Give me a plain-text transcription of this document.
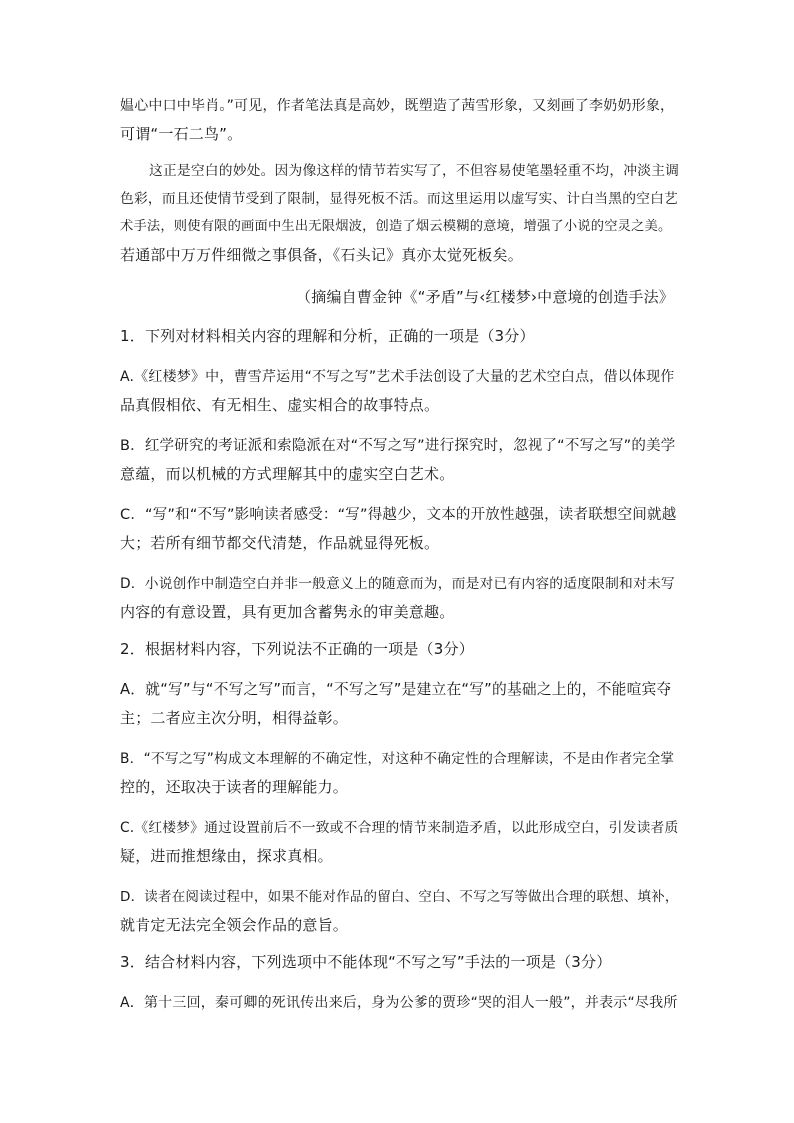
媪心中口中毕肖。”可见，作者笔法真是高妙，既塑造了茜雪形象，又刻画了李奶奶形象，
可谓“一石二鸟”。
这正是空白的妙处。因为像这样的情节若实写了，不但容易使笔墨轻重不均，冲淡主调
色彩，而且还使情节受到了限制，显得死板不活。而这里运用以虚写实、计白当黑的空白艺
术手法，则使有限的画面中生出无限烟波，创造了烟云模糊的意境，增强了小说的空灵之美。
若通部中万万件细微之事俱备，《石头记》真亦太觉死板矣。
（摘编自曹金钟《“矛盾”与‹红楼梦›中意境的创造手法》
1．下列对材料相关内容的理解和分析，正确的一项是（3分）
A.《红楼梦》中，曹雪芹运用“不写之写”艺术手法创设了大量的艺术空白点，借以体现作
品真假相依、有无相生、虚实相合的故事特点。
B．红学研究的考证派和索隐派在对“不写之写”进行探究时，忽视了“不写之写”的美学
意蕴，而以机械的方式理解其中的虚实空白艺术。
C．“写”和“不写”影响读者感受：“写”得越少，文本的开放性越强，读者联想空间就越
大；若所有细节都交代清楚，作品就显得死板。
D．小说创作中制造空白并非一般意义上的随意而为，而是对已有内容的适度限制和对未写
内容的有意设置，具有更加含蓄隽永的审美意趣。
2．根据材料内容，下列说法不正确的一项是（3分）
A．就“写”与“不写之写”而言，“不写之写”是建立在“写”的基础之上的，不能喧宾夺
主；二者应主次分明，相得益彰。
B．“不写之写”构成文本理解的不确定性，对这种不确定性的合理解读，不是由作者完全掌
控的，还取决于读者的理解能力。
C.《红楼梦》通过设置前后不一致或不合理的情节来制造矛盾，以此形成空白，引发读者质
疑，进而推想缘由，探求真相。
D．读者在阅读过程中，如果不能对作品的留白、空白、不写之写等做出合理的联想、填补，
就肯定无法完全领会作品的意旨。
3．结合材料内容，下列选项中不能体现“不写之写”手法的一项是（3分）
A．第十三回，秦可卿的死讯传出来后，身为公爹的贾珍“哭的泪人一般”，并表示“尽我所
